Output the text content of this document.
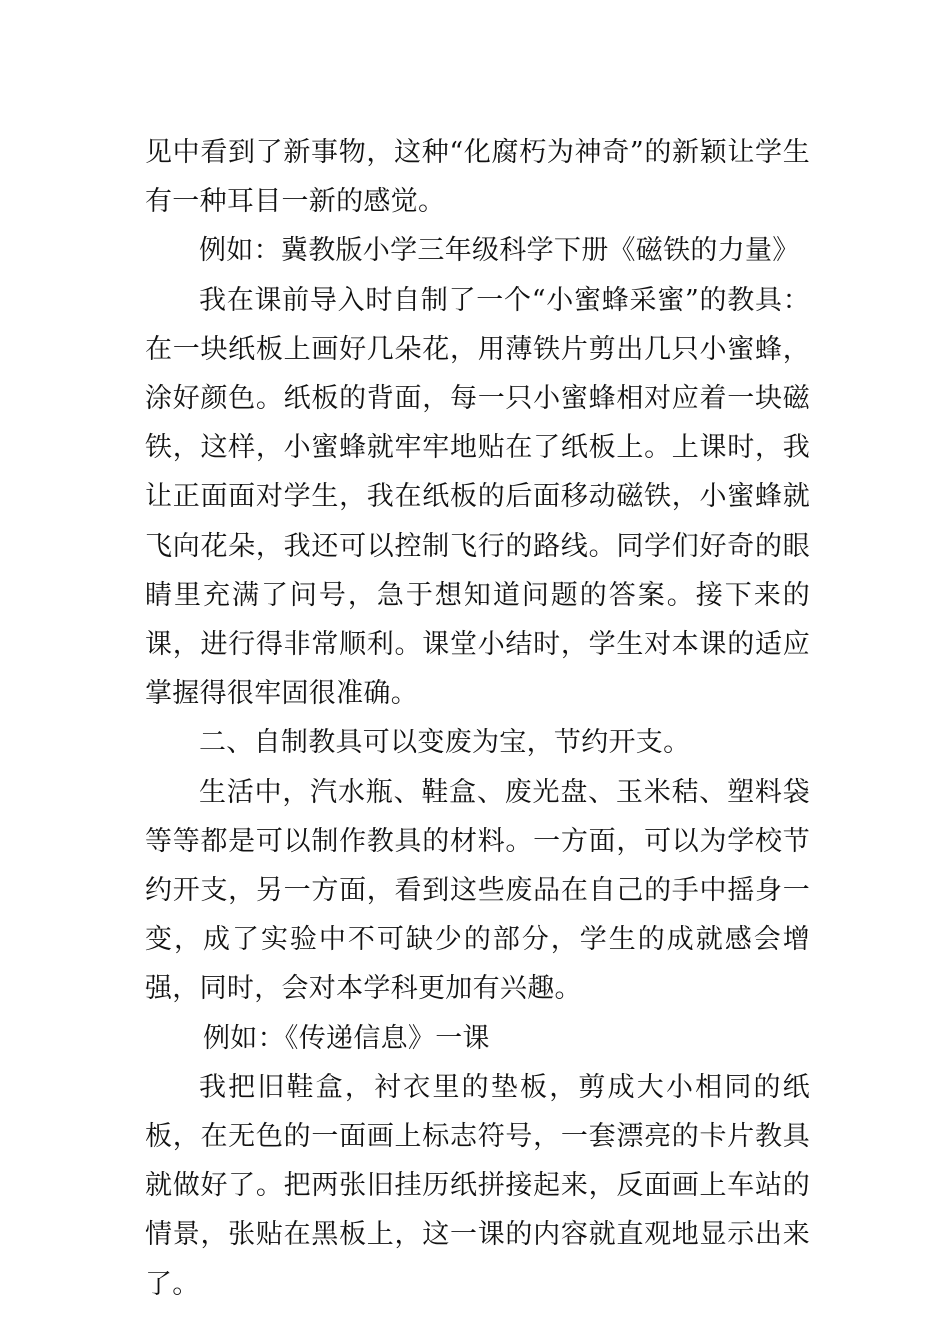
见中看到了新事物，这种“化腐朽为神奇”的新颖让学生有一种耳目一新的感觉。

例如：冀教版小学三年级科学下册《磁铁的力量》

我在课前导入时自制了一个“小蜜蜂采蜜”的教具：在一块纸板上画好几朵花，用薄铁片剪出几只小蜜蜂，涂好颜色。纸板的背面，每一只小蜜蜂相对应着一块磁铁，这样，小蜜蜂就牢牢地贴在了纸板上。上课时，我让正面面对学生，我在纸板的后面移动磁铁，小蜜蜂就飞向花朵，我还可以控制飞行的路线。同学们好奇的眼睛里充满了问号，急于想知道问题的答案。接下来的课，进行得非常顺利。课堂小结时，学生对本课的适应掌握得很牢固很准确。

二、自制教具可以变废为宝，节约开支。

生活中，汽水瓶、鞋盒、废光盘、玉米秸、塑料袋等等都是可以制作教具的材料。一方面，可以为学校节约开支，另一方面，看到这些废品在自己的手中摇身一变，成了实验中不可缺少的部分，学生的成就感会增强，同时，会对本学科更加有兴趣。

例如：《传递信息》一课

我把旧鞋盒，衬衣里的垫板，剪成大小相同的纸板，在无色的一面画上标志符号，一套漂亮的卡片教具就做好了。把两张旧挂历纸拼接起来，反面画上车站的情景，张贴在黑板上，这一课的内容就直观地显示出来了。
